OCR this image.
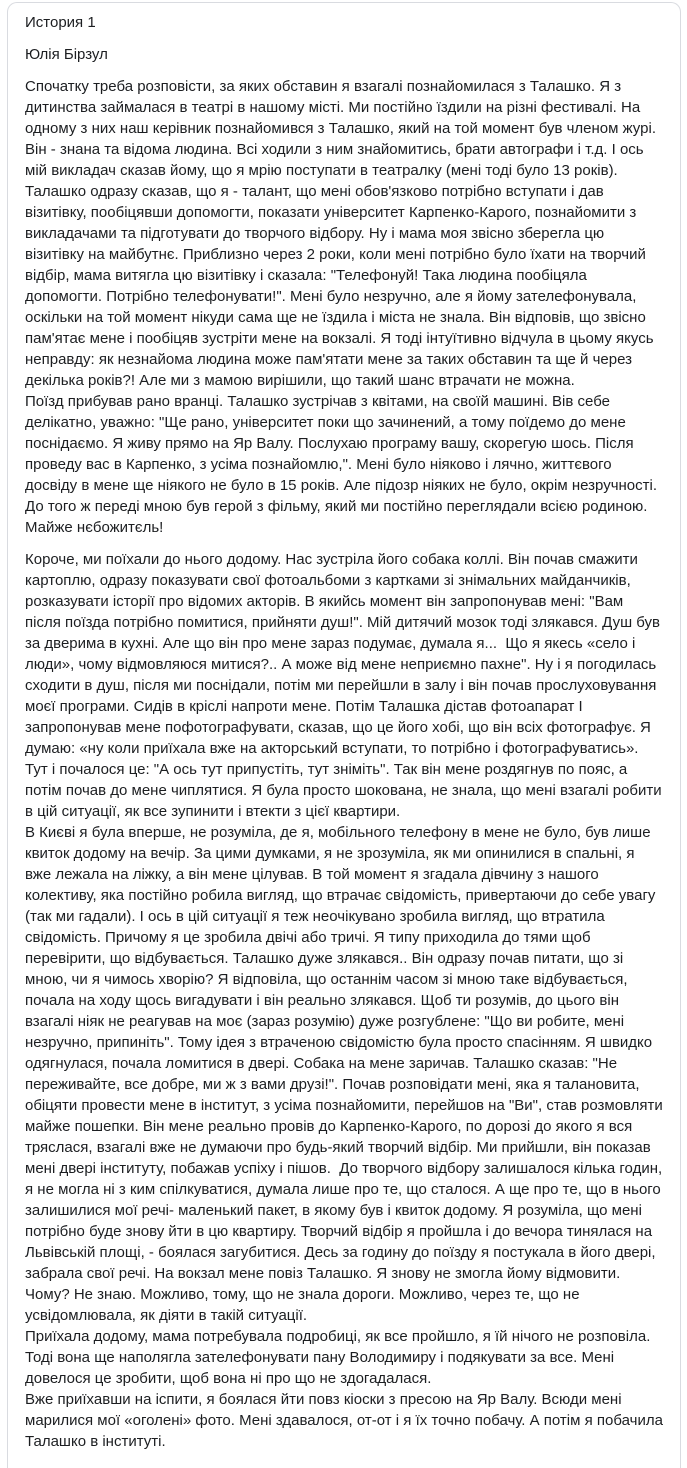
История 1
Юлія Бірзул
Спочатку треба розповісти, за яких обставин я взагалі познайомилася з Талашко. Я з дитинства займалася в театрі в нашому місті. Ми постійно їздили на різні фестивалі. На одному з них наш керівник познайомився з Талашко, який на той момент був членом журі. Він - знана та відома людина. Всі ходили з ним знайомитись, брати автографи і т.д. І ось мій викладач сказав йому, що я мрію поступати в театралку (мені тоді було 13 років). Талашко одразу сказав, що я - талант, що мені обов'язково потрібно вступати і дав візитівку, пообіцявши допомогти, показати університет Карпенко-Карого, познайомити з викладачами та підготувати до творчого відбору. Ну і мама моя звісно зберегла цю візитівку на майбутнє. Приблизно через 2 роки, коли мені потрібно було їхати на творчий відбір, мама витягла цю візитівку і сказала: "Телефонуй! Така людина пообіцяла допомогти. Потрібно телефонувати!". Мені було незручно, але я йому зателефонувала, оскільки на той момент нікуди сама ще не їздила і міста не знала. Він відповів, що звісно пам'ятає мене і пообіцяв зустріти мене на вокзалі. Я тоді інтуїтивно відчула в цьому якусь неправду: як незнайома людина може пам'ятати мене за таких обставин та ще й через декілька років?! Але ми з мамою вирішили, що такий шанс втрачати не можна.
Поїзд прибував рано вранці. Талашко зустрічав з квітами, на своїй машині. Вів себе делікатно, уважно: "Ще рано, університет поки що зачинений, а тому поїдемо до мене поснідаємо. Я живу прямо на Яр Валу. Послухаю програму вашу, скорегую шось. Після проведу вас в Карпенко, з усіма познайомлю,". Мені було ніяково і лячно, життєвого досвіду в мене ще ніякого не було в 15 років. Але підозр ніяких не було, окрім незручності. До того ж переді мною був герой з фільму, який ми постійно переглядали всією родиною. Майже нєбожитєль!
Короче, ми поїхали до нього додому. Нас зустріла його собака коллі. Він почав смажити картоплю, одразу показувати свої фотоальбоми з картками зі знімальних майданчиків, розказувати історії про відомих акторів. В якийсь момент він запропонував мені: "Вам після поїзда потрібно помитися, прийняти душ!". Мій дитячий мозок тоді злякався. Душ був за дверима в кухні. Але що він про мене зараз подумає, думала я...  Що я якесь «село і люди», чому відмовляюся митися?.. А може від мене неприємно пахне". Ну і я погодилась сходити в душ, після ми поснідали, потім ми перейшли в залу і він почав прослуховування моєї програми. Сидів в кріслі напроти мене. Потім Талашка дістав фотоапарат І запропонував мене пофотографувати, сказав, що це його хобі, що він всіх фотографує. Я думаю: «ну коли приїхала вже на акторський вступати, то потрібно і фотографуватись». Тут і почалося це: "А ось тут припустіть, тут зніміть". Так він мене роздягнув по пояс, а потім почав до мене чиплятися. Я була просто шокована, не знала, що мені взагалі робити в цій ситуації, як все зупинити і втекти з цієї квартири.
В Києві я була вперше, не розуміла, де я, мобільного телефону в мене не було, був лише квиток додому на вечір. За цими думками, я не зрозуміла, як ми опинилися в спальні, я вже лежала на ліжку, а він мене цілував. В той момент я згадала дівчину з нашого колективу, яка постійно робила вигляд, що втрачає свідомість, привертаючи до себе увагу (так ми гадали). І ось в цій ситуації я теж неочікувано зробила вигляд, що втратила свідомість. Причому я це зробила двічі або тричі. Я типу приходила до тями щоб перевірити, що відбувається. Талашко дуже злякався.. Він одразу почав питати, що зі мною, чи я чимось хворію? Я відповіла, що останнім часом зі мною таке відбувається, почала на ходу щось вигадувати і він реально злякався. Щоб ти розумів, до цього він взагалі ніяк не реагував на моє (зараз розумію) дуже розгублене: "Що ви робите, мені незручно, припиніть". Тому ідея з втраченою свідомістю була просто спасінням. Я швидко одягнулася, почала ломитися в двері. Собака на мене заричав. Талашко сказав: "Не переживайте, все добре, ми ж з вами друзі!". Почав розповідати мені, яка я талановита, обіцяти провести мене в інститут, з усіма познайомити, перейшов на "Ви", став розмовляти майже пошепки. Він мене реально провів до Карпенко-Карого, по дорозі до якого я вся тряслася, взагалі вже не думаючи про будь-який творчий відбір. Ми прийшли, він показав мені двері інституту, побажав успіху і пішов.  До творчого відбору залишалося кілька годин, я не могла ні з ким спілкуватися, думала лише про те, що сталося. А ще про те, що в нього залишилися мої речі- маленький пакет, в якому був і квиток додому. Я розуміла, що мені потрібно буде знову йти в цю квартиру. Творчий відбір я пройшла і до вечора тинялася на Львівській площі, - боялася загубитися. Десь за годину до поїзду я постукала в його двері, забрала свої речі. На вокзал мене повіз Талашко. Я знову не змогла йому відмовити. Чому? Не знаю. Можливо, тому, що не знала дороги. Можливо, через те, що не усвідомлювала, як діяти в такій ситуації.
Приїхала додому, мама потребувала подробиці, як все пройшло, я їй нічого не розповіла. Тоді вона ще наполягла зателефонувати пану Володимиру і подякувати за все. Мені довелося це зробити, щоб вона ні про що не здогадалася.
Вже приїхавши на іспити, я боялася йти повз кіоски з пресою на Яр Валу. Всюди мені марилися мої «оголені» фото. Мені здавалося, от-от і я їх точно побачу. А потім я побачила Талашко в інституті.
